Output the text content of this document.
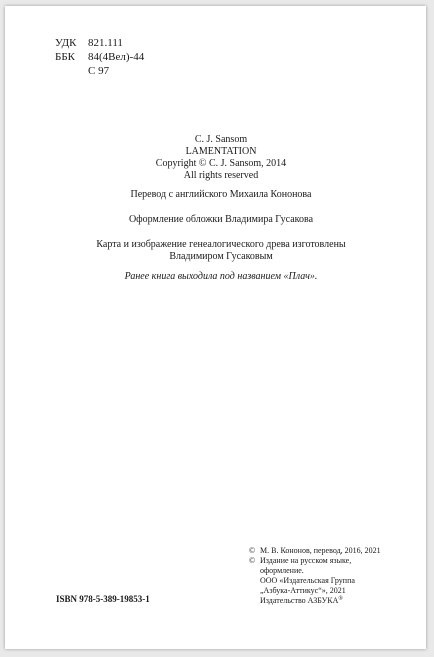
УДК	821.111
ББК	84(4Вел)-44
С 97
C. J. Sansom
LAMENTATION
Copyright © C. J. Sansom, 2014
All rights reserved
Перевод с английского Михаила Кононова
Оформление обложки Владимира Гусакова
Карта и изображение генеалогического древа изготовлены
Владимиром Гусаковым
Ранее книга выходила под названием «Плач».
ISBN 978-5-389-19853-1
© М. В. Кононов, перевод, 2016, 2021
© Издание на русском языке,
оформление.
ООО «Издательская Группа
„Азбука-Аттикус“», 2021
Издательство АЗБУКА®
